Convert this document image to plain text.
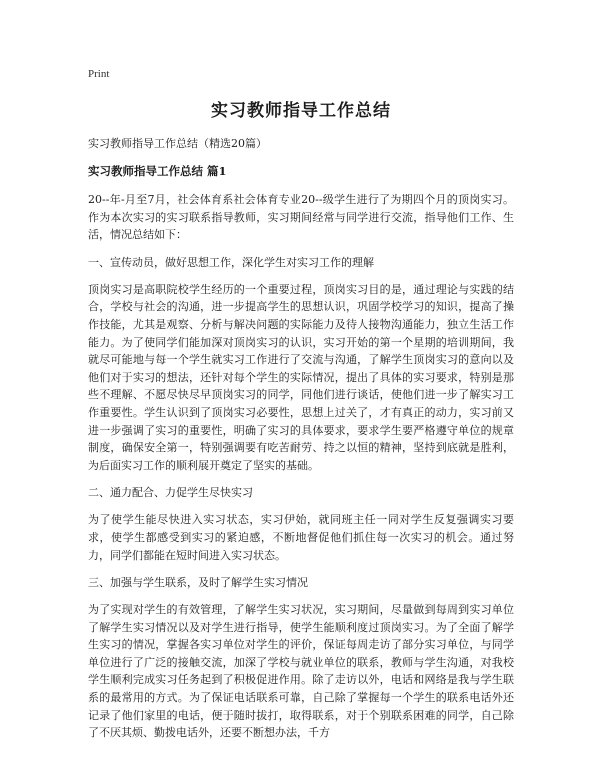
Print
实习教师指导工作总结

实习教师指导工作总结（精选20篇）

实习教师指导工作总结 篇1

20--年-月至7月，社会体育系社会体育专业20--级学生进行了为期四个月的顶岗实习。作为本次实习的实习联系指导教师，实习期间经常与同学进行交流，指导他们工作、生活，情况总结如下：

一、宣传动员，做好思想工作，深化学生对实习工作的理解

顶岗实习是高职院校学生经历的一个重要过程，顶岗实习目的是，通过理论与实践的结合，学校与社会的沟通，进一步提高学生的思想认识，巩固学校学习的知识，提高了操作技能，尤其是观察、分析与解决问题的实际能力及待人接物沟通能力，独立生活工作能力。为了使同学们能加深对顶岗实习的认识，实习开始的第一个星期的培训期间，我就尽可能地与每一个学生就实习工作进行了交流与沟通，了解学生顶岗实习的意向以及他们对于实习的想法，还针对每个学生的实际情况，提出了具体的实习要求，特别是那些不理解、不愿尽快尽早顶岗实习的同学，同他们进行谈话，使他们进一步了解实习工作重要性。学生认识到了顶岗实习必要性，思想上过关了，才有真正的动力，实习前又进一步强调了实习的重要性，明确了实习的具体要求，要求学生要严格遵守单位的规章制度，确保安全第一，特别强调要有吃苦耐劳、持之以恒的精神，坚持到底就是胜利，为后面实习工作的顺利展开奠定了坚实的基础。

二、通力配合、力促学生尽快实习

为了使学生能尽快进入实习状态，实习伊始，就同班主任一同对学生反复强调实习要求，使学生都感受到实习的紧迫感，不断地督促他们抓住每一次实习的机会。通过努力，同学们都能在短时间进入实习状态。

三、加强与学生联系，及时了解学生实习情况

为了实现对学生的有效管理，了解学生实习状况，实习期间，尽量做到每周到实习单位了解学生实习情况以及对学生进行指导，使学生能顺利度过顶岗实习。为了全面了解学生实习的情况，掌握各实习单位对学生的评价，保证每周走访了部分实习单位，与同学单位进行了广泛的接触交流，加深了学校与就业单位的联系，教师与学生沟通，对我校学生顺利完成实习任务起到了积极促进作用。除了走访以外，电话和网络是我与学生联系的最常用的方式。为了保证电话联系可靠，自己除了掌握每一个学生的联系电话外还记录了他们家里的电话，便于随时拔打，取得联系，对于个别联系困难的同学，自己除了不厌其烦、勤拨电话外，还要不断想办法，千方
